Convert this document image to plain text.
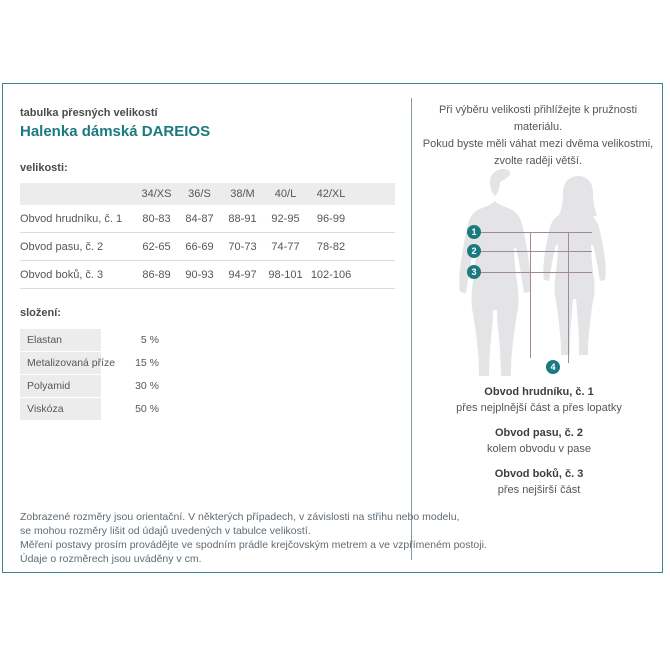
tabulka přesných velikostí
Halenka dámská DAREIOS
velikosti:
	34/XS	36/S	38/M	40/L	42/XL	
Obvod hrudníku, č. 1	80-83	84-87	88-91	92-95	96-99	
Obvod pasu, č. 2	62-65	66-69	70-73	74-77	78-82	
Obvod boků, č. 3	86-89	90-93	94-97	98-101	102-106	
složení:
Elastan	5 %
Metalizovaná příze	15 %
Polyamid	30 %
Viskóza	50 %
Zobrazené rozměry jsou orientační. V některých případech, v závislosti na střihu nebo modelu,
se mohou rozměry lišit od údajů uvedených v tabulce velikostí.
Měření postavy prosím provádějte ve spodním prádle krejčovským metrem a ve vzpřímeném postoji.
Údaje o rozměrech jsou uváděny v cm.
Při výběru velikosti přihlížejte k pružnosti materiálu.
Pokud byste měli váhat mezi dvěma velikostmi,
zvolte raději větší.
1
2
3
4
Obvod hrudníku, č. 1
přes nejplnější část a přes lopatky
Obvod pasu, č. 2
kolem obvodu v pase
Obvod boků, č. 3
přes nejširší část
